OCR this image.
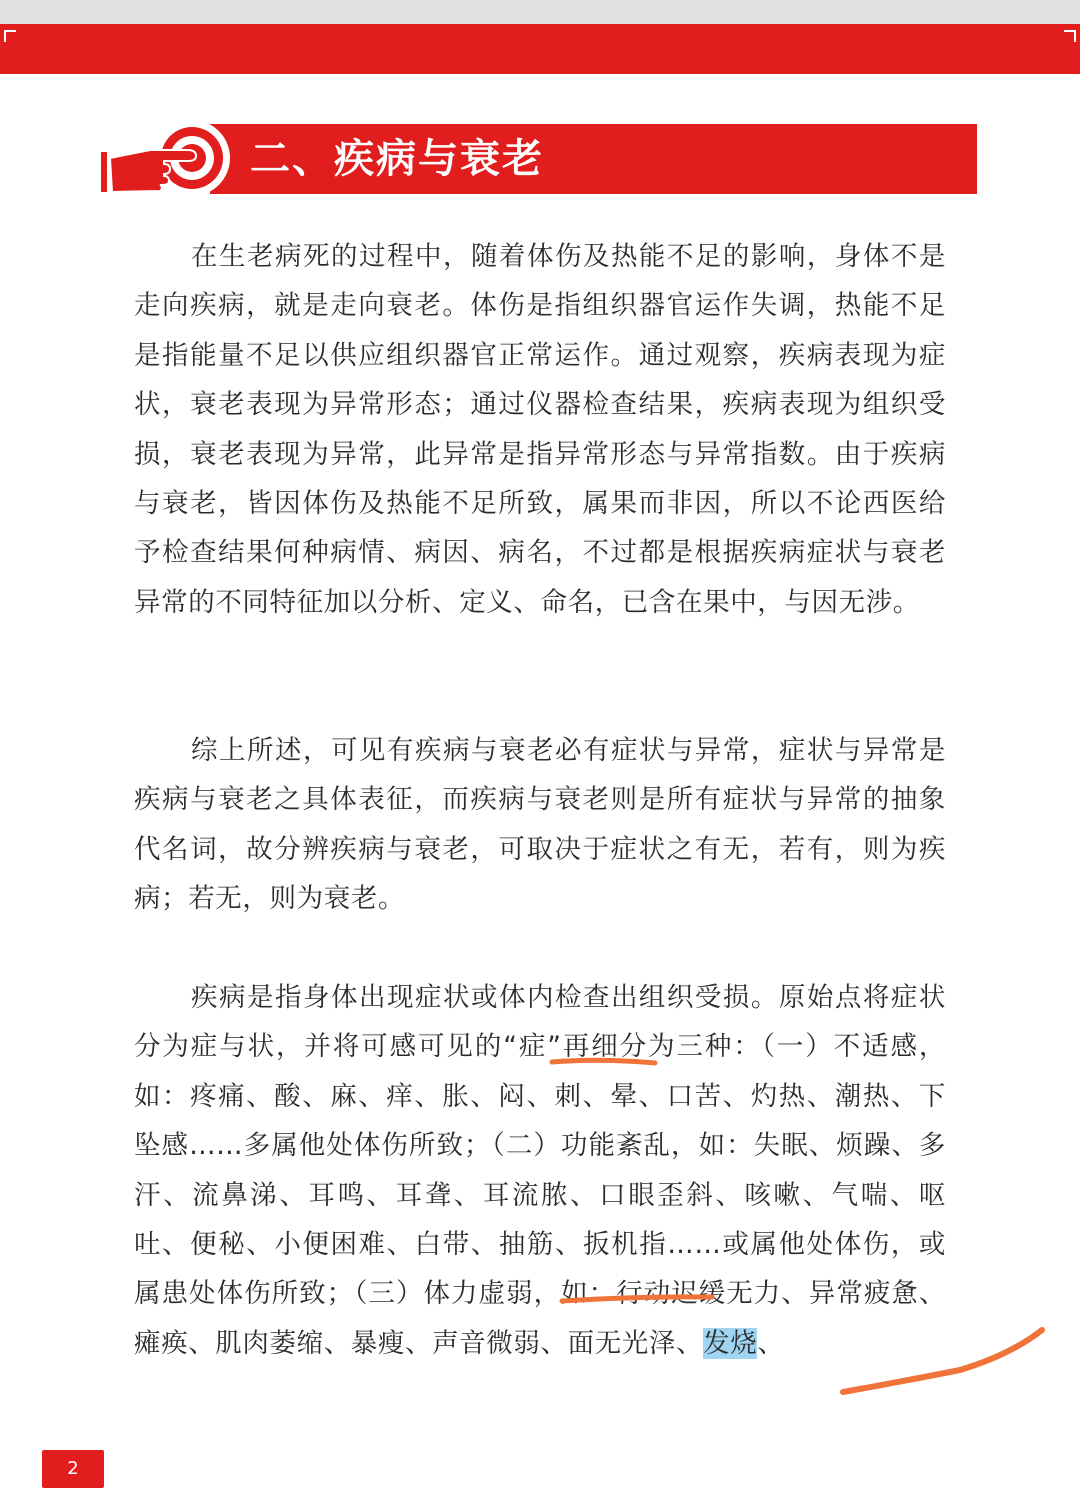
二、疾病与衰老

在生老病死的过程中，随着体伤及热能不足的影响，身体不是走向疾病，就是走向衰老。体伤是指组织器官运作失调，热能不足是指能量不足以供应组织器官正常运作。通过观察，疾病表现为症状，衰老表现为异常形态；通过仪器检查结果，疾病表现为组织受损，衰老表现为异常，此异常是指异常形态与异常指数。由于疾病与衰老，皆因体伤及热能不足所致，属果而非因，所以不论西医给予检查结果何种病情、病因、病名，不过都是根据疾病症状与衰老异常的不同特征加以分析、定义、命名，已含在果中，与因无涉。

综上所述，可见有疾病与衰老必有症状与异常，症状与异常是疾病与衰老之具体表征，而疾病与衰老则是所有症状与异常的抽象代名词，故分辨疾病与衰老，可取决于症状之有无，若有，则为疾病；若无，则为衰老。

疾病是指身体出现症状或体内检查出组织受损。原始点将症状分为症与状，并将可感可见的“症”再细分为三种：（一）不适感，如：疼痛、酸、麻、痒、胀、闷、刺、晕、口苦、灼热、潮热、下坠感……多属他处体伤所致；（二）功能紊乱，如：失眠、烦躁、多汗、流鼻涕、耳鸣、耳聋、耳流脓、口眼歪斜、咳嗽、气喘、呕吐、便秘、小便困难、白带、抽筋、扳机指……或属他处体伤，或属患处体伤所致；（三）体力虚弱，如：行动迟缓无力、异常疲惫、瘫痪、肌肉萎缩、暴瘦、声音微弱、面无光泽、发烧、

2
